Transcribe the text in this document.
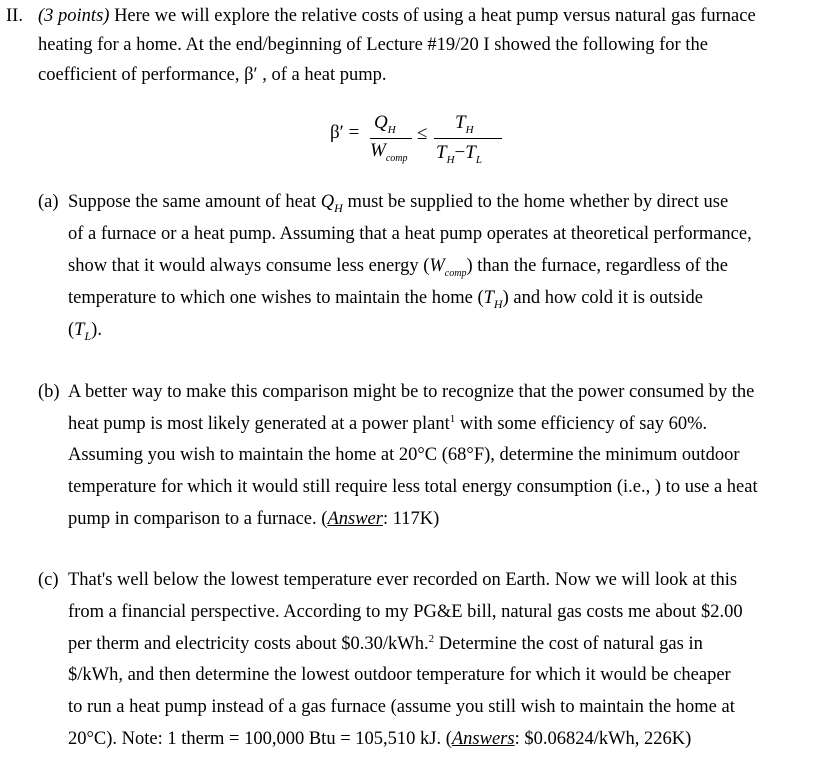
II. (3 points) Here we will explore the relative costs of using a heat pump versus natural gas furnace
heating for a home. At the end/beginning of Lecture #19/20 I showed the following for the
coefficient of performance, β′ , of a heat pump.
$\beta' = Q_H$
$W_{comp}$
≤
$T_H$
$T_H-T_L$
(a) Suppose the same amount of heat $Q_H$ must be supplied to the home whether by direct use
of a furnace or a heat pump. Assuming that a heat pump operates at theoretical performance,
show that it would always consume less energy $(W_{comp})$ than the furnace, regardless of the
temperature to which one wishes to maintain the home $(T_H)$ and how cold it is outside
$(T_L)$.
(b) A better way to make this comparison might be to recognize that the power consumed by the
heat pump is most likely generated at a power plant$^1$ with some efficiency of say 60%.
Assuming you wish to maintain the home at 20°C (68°F), determine the minimum outdoor
temperature for which it would still require less total energy consumption (i.e., ) to use a heat
pump in comparison to a furnace. (Answer: 117K)
(c) That's well below the lowest temperature ever recorded on Earth. Now we will look at this
from a financial perspective. According to my PG&E bill, natural gas costs me about $2.00
per therm and electricity costs about $0.30/kWh.$^2$ Determine the cost of natural gas in
$/kWh, and then determine the lowest outdoor temperature for which it would be cheaper
to run a heat pump instead of a gas furnace (assume you still wish to maintain the home at
20°C). Note: 1 therm = 100,000 Btu = 105,510 kJ. (Answers: $0.06824/kWh, 226K)
